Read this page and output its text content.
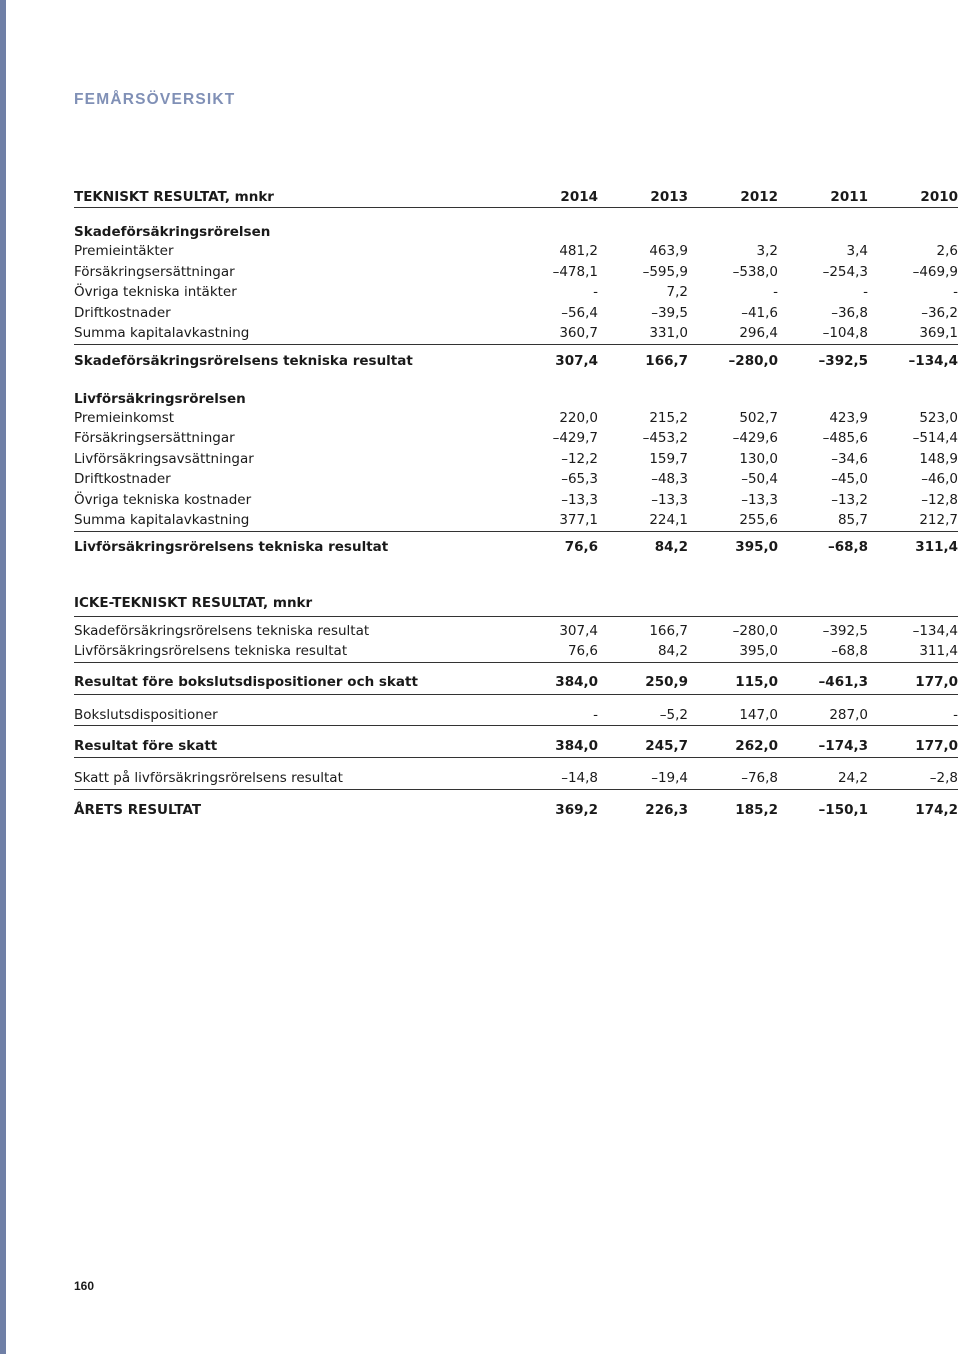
FEMÅRSÖVERSIKT
TEKNISKT RESULTAT, mnkr	2014	2013	2012	2011	2010

Skadeförsäkringsrörelsen					
Premieintäkter	481,2	463,9	3,2	3,4	2,6
Försäkringsersättningar	–478,1	–595,9	–538,0	–254,3	–469,9
Övriga tekniska intäkter	-	7,2	-	-	-
Driftkostnader	–56,4	–39,5	–41,6	–36,8	–36,2
Summa kapitalavkastning	360,7	331,0	296,4	–104,8	369,1

Skadeförsäkringsrörelsens tekniska resultat	307,4	166,7	–280,0	–392,5	–134,4

Livförsäkringsrörelsen					
Premieinkomst	220,0	215,2	502,7	423,9	523,0
Försäkringsersättningar	–429,7	–453,2	–429,6	–485,6	–514,4
Livförsäkringsavsättningar	–12,2	159,7	130,0	–34,6	148,9
Driftkostnader	–65,3	–48,3	–50,4	–45,0	–46,0
Övriga tekniska kostnader	–13,3	–13,3	–13,3	–13,2	–12,8
Summa kapitalavkastning	377,1	224,1	255,6	85,7	212,7

Livförsäkringsrörelsens tekniska resultat	76,6	84,2	395,0	–68,8	311,4

ICKE-TEKNISKT RESULTAT, mnkr					

Skadeförsäkringsrörelsens tekniska resultat	307,4	166,7	–280,0	–392,5	–134,4
Livförsäkringsrörelsens tekniska resultat	76,6	84,2	395,0	–68,8	311,4

Resultat före bokslutsdispositioner och skatt	384,0	250,9	115,0	–461,3	177,0

Bokslutsdispositioner	-	–5,2	147,0	287,0	-

Resultat före skatt	384,0	245,7	262,0	–174,3	177,0

Skatt på livförsäkringsrörelsens resultat	–14,8	–19,4	–76,8	24,2	–2,8

ÅRETS RESULTAT	369,2	226,3	185,2	–150,1	174,2
160
